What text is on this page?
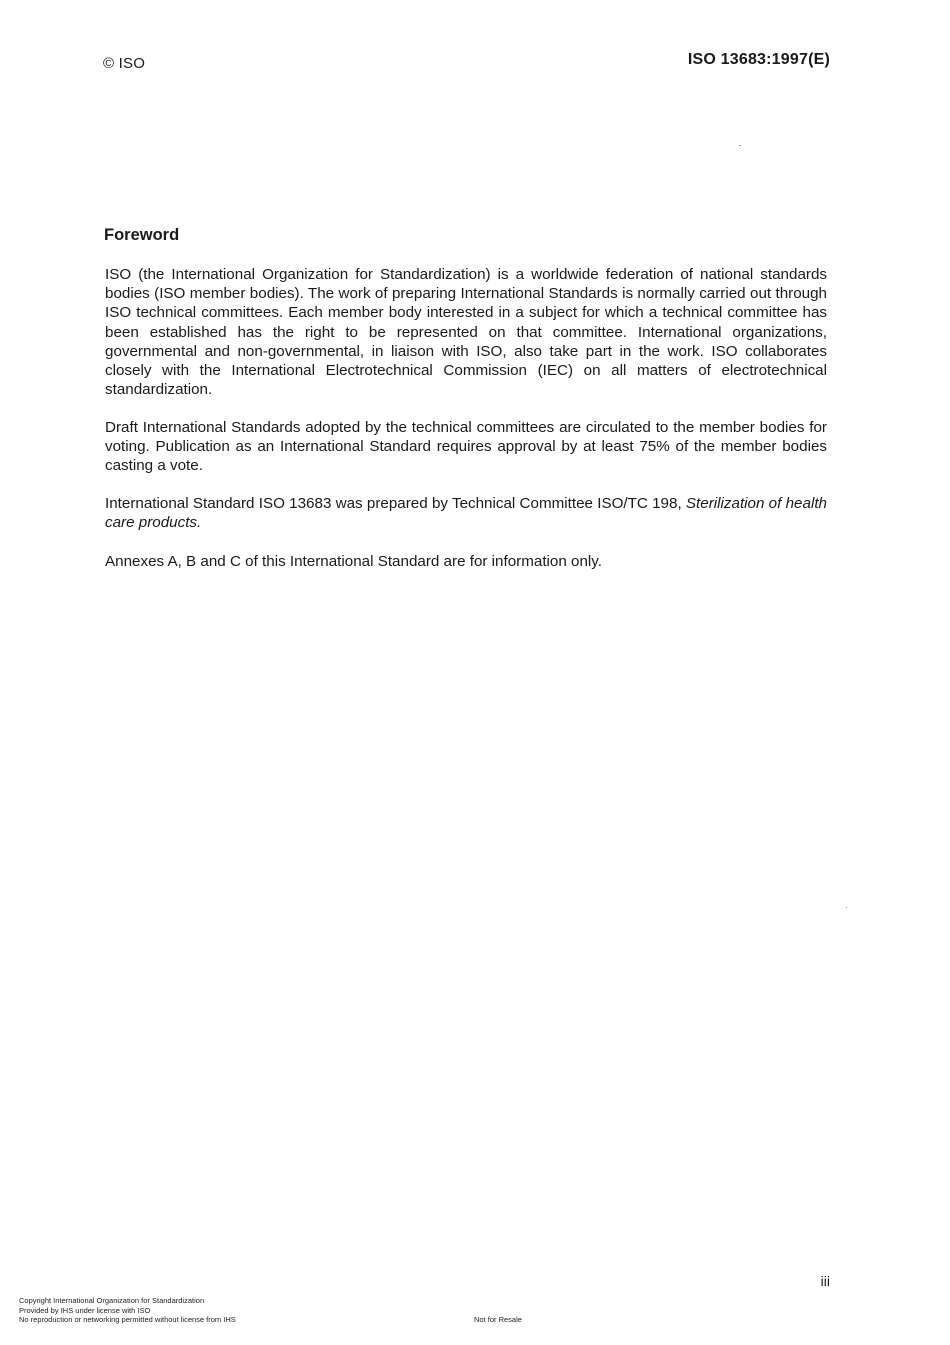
© ISO	ISO 13683:1997(E)
Foreword

ISO (the International Organization for Standardization) is a worldwide federation of national standards bodies (ISO member bodies). The work of preparing International Standards is normally carried out through ISO technical committees. Each member body interested in a subject for which a technical committee has been established has the right to be represented on that committee. International organizations, governmental and non-governmental, in liaison with ISO, also take part in the work. ISO collaborates closely with the International Electrotechnical Commission (IEC) on all matters of electrotechnical standardization.

Draft International Standards adopted by the technical committees are circulated to the member bodies for voting. Publication as an International Standard requires approval by at least 75% of the member bodies casting a vote.

International Standard ISO 13683 was prepared by Technical Committee ISO/TC 198, Sterilization of health care products.

Annexes A, B and C of this International Standard are for information only.

iii
Copyright International Organization for Standardization
Provided by IHS under license with ISO
No reproduction or networking permitted without license from IHS	Not for Resale
